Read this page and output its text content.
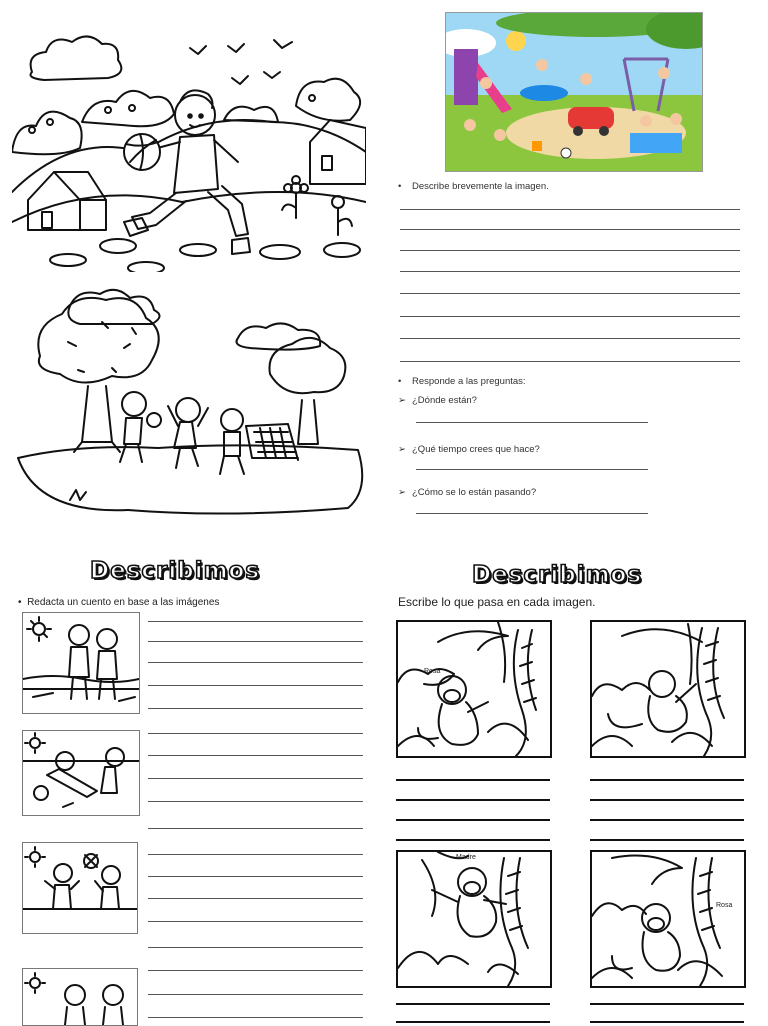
• Describe brevemente la imagen.
• Responde a las preguntas:
➢ ¿Dónde están?
➢ ¿Qué tiempo crees que hace?
➢ ¿Cómo se lo están pasando?
Describimos
•  Redacta un cuento en base a las imágenes
Describimos
Escribe lo que pasa en cada imagen.
Rosa
Madre
Rosa
